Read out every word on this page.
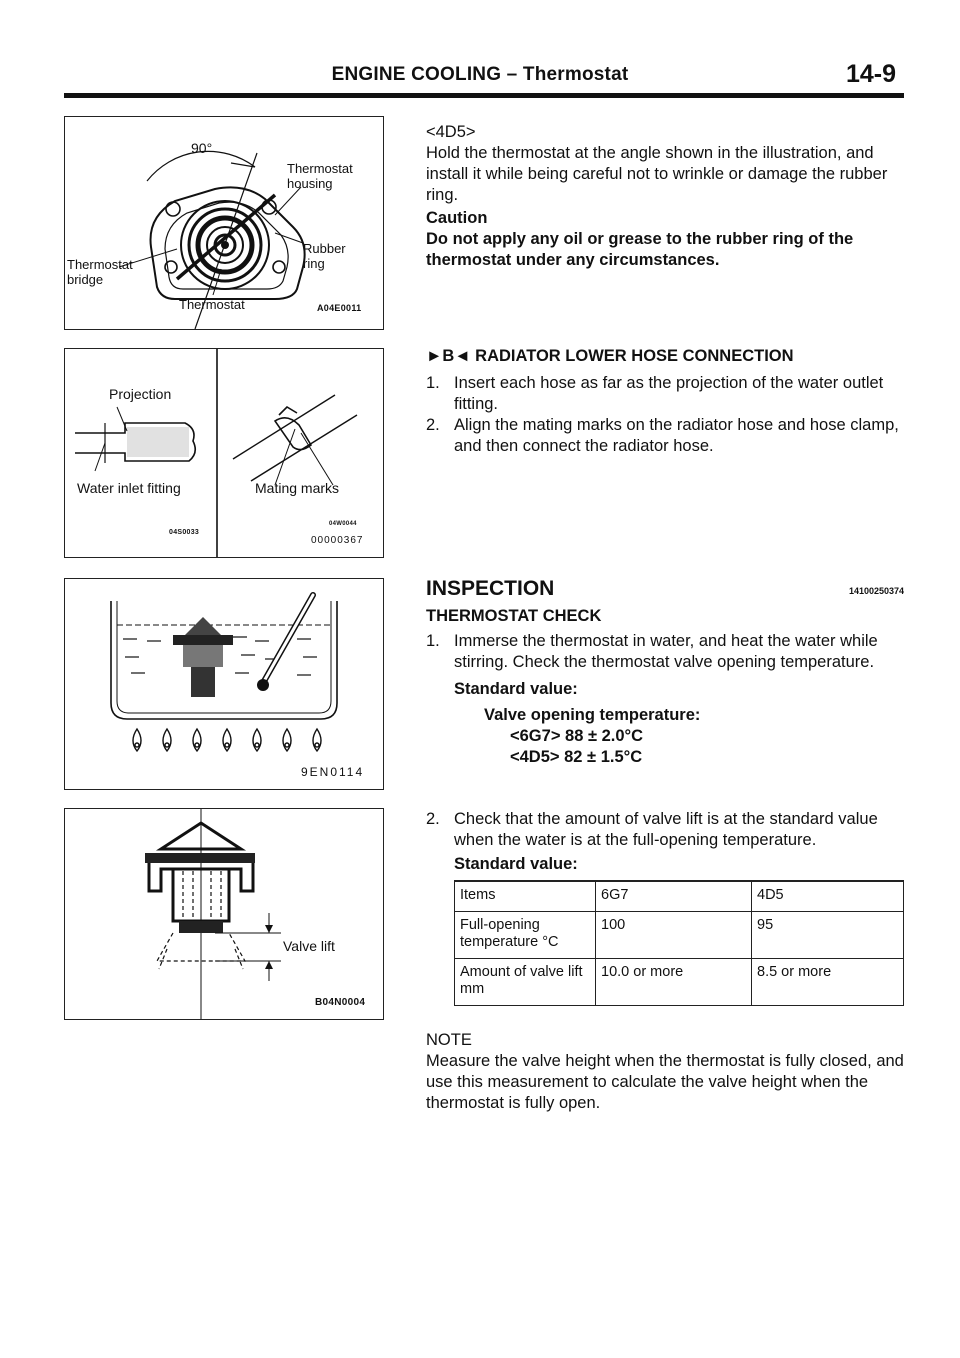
ENGINE COOLING – Thermostat	14-9
90°
Thermostat
housing
Rubber
ring
Thermostat
bridge
Thermostat	A04E0011
Projection
Water inlet fitting	Mating marks
04S0033
04W0044
00000367
9EN0114
Valve lift
B04N0004
<4D5>
Hold the thermostat at the angle shown in the illustration, and install it while being careful not to wrinkle or damage the rubber ring.
Caution
Do not apply any oil or grease to the rubber ring of the thermostat under any circumstances.
►B◄ RADIATOR LOWER HOSE CONNECTION
1. Insert each hose as far as the projection of the water outlet fitting.
2. Align the mating marks on the radiator hose and hose clamp, and then connect the radiator hose.
INSPECTION	14100250374
THERMOSTAT CHECK
1. Immerse the thermostat in water, and heat the water while stirring. Check the thermostat valve opening temperature.
Standard value:
Valve opening temperature:
<6G7> 88 ± 2.0°C
<4D5> 82 ± 1.5°C
2. Check that the amount of valve lift is at the standard value when the water is at the full-opening temperature.
Standard value:
Items	6G7	4D5
Full-opening temperature °C	100	95
Amount of valve lift mm	10.0 or more	8.5 or more
NOTE
Measure the valve height when the thermostat is fully closed, and use this measurement to calculate the valve height when the thermostat is fully open.
